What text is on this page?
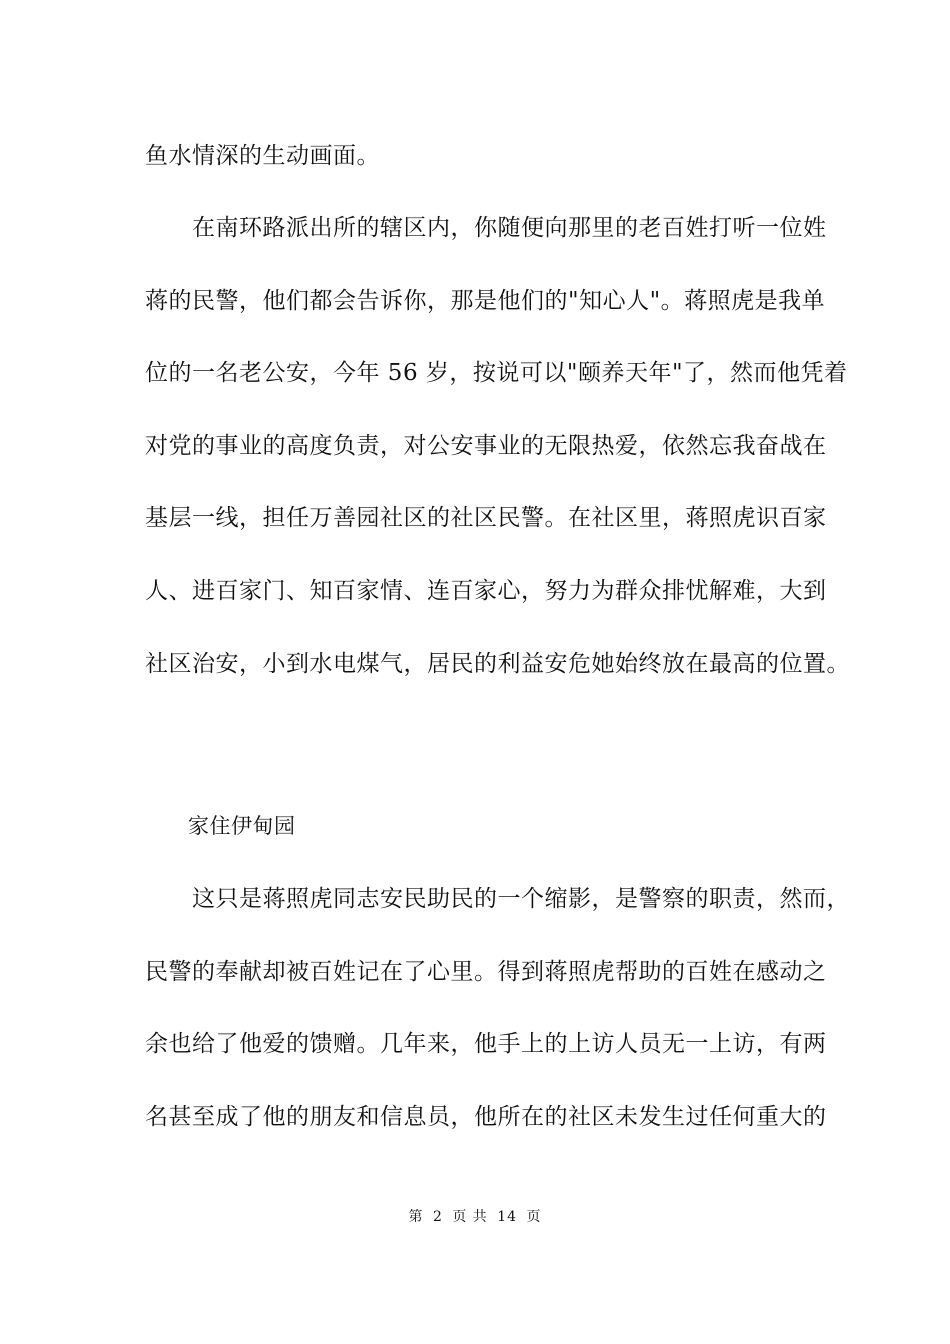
鱼水情深的生动画面。
　　在南环路派出所的辖区内，你随便向那里的老百姓打听一位姓
蒋的民警，他们都会告诉你，那是他们的"知心人"。蒋照虎是我单
位的一名老公安，今年 56 岁，按说可以"颐养天年"了，然而他凭着
对党的事业的高度负责，对公安事业的无限热爱，依然忘我奋战在
基层一线，担任万善园社区的社区民警。在社区里，蒋照虎识百家
人、进百家门、知百家情、连百家心，努力为群众排忧解难，大到
社区治安，小到水电煤气，居民的利益安危她始终放在最高的位置。
　　家住伊甸园
　　这只是蒋照虎同志安民助民的一个缩影，是警察的职责，然而，
民警的奉献却被百姓记在了心里。得到蒋照虎帮助的百姓在感动之
余也给了他爱的馈赠。几年来，他手上的上访人员无一上访，有两
名甚至成了他的朋友和信息员，他所在的社区未发生过任何重大的
第 2 页 共 14 页
